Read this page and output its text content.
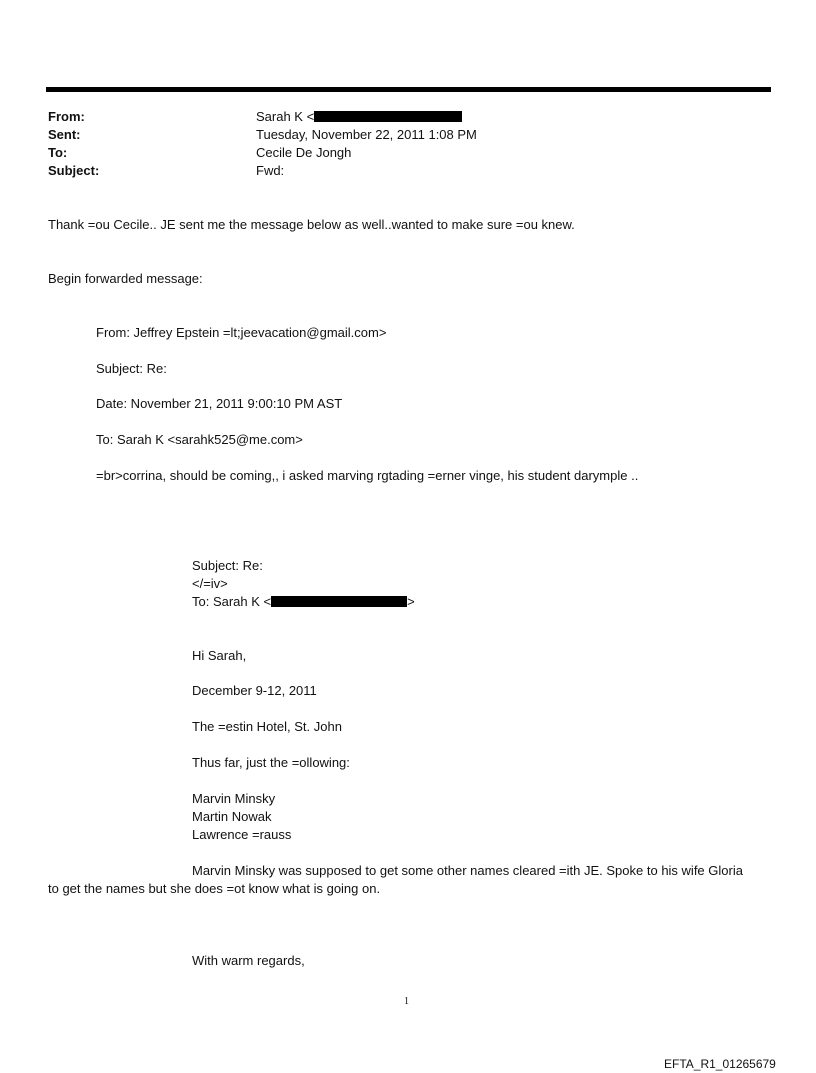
From:	Sarah K <
Sent:	Tuesday, November 22, 2011 1:08 PM
To:	Cecile De Jongh
Subject:	Fwd:
Thank =ou Cecile.. JE sent me the message below as well..wanted to make sure =ou knew.
Begin forwarded message:
From: Jeffrey Epstein =lt;jeevacation@gmail.com>
Subject: Re:
Date: November 21, 2011 9:00:10 PM AST
To: Sarah K <sarahk525@me.com>
=br>corrina, should be coming,, i asked marving rgtading =erner vinge, his student darymple ..
Subject: Re:
</=iv>
To: Sarah K <	>
Hi Sarah,
December 9-12, 2011
The =estin Hotel, St. John
Thus far, just the =ollowing:
Marvin Minsky
Martin Nowak
Lawrence =rauss
Marvin Minsky was supposed to get some other names cleared =ith JE. Spoke to his wife Gloria
to get the names but she does =ot know what is going on.
With warm regards,
1
EFTA_R1_01265679
